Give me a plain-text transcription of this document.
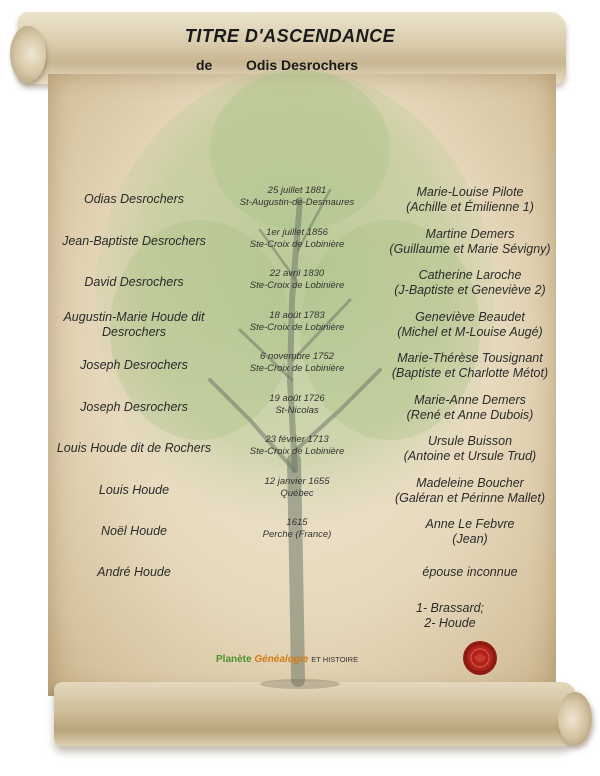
TITRE D'ASCENDANCE
de Odis Desrochers
Odias Desrochers
25 juillet 1881
St-Augustin-de-Desmaures
Marie-Louise Pilote
(Achille et Émilienne 1)
Jean-Baptiste Desrochers
1er juillet 1856
Ste-Croix de Lobinière
Martine Demers
(Guillaume et Marie Sévigny)
David Desrochers
22 avril 1830
Ste-Croix de Lobinière
Catherine Laroche
(J-Baptiste et Geneviève 2)
Augustin-Marie Houde dit
Desrochers
18 août 1783
Ste-Croix de Lobinière
Geneviève Beaudet
(Michel et M-Louise Augé)
Joseph Desrochers
6 novembre 1752
Ste-Croix de Lobinière
Marie-Thérèse Tousignant
(Baptiste et Charlotte Métot)
Joseph Desrochers
19 août 1726
St-Nicolas
Marie-Anne Demers
(René et Anne Dubois)
Louis Houde dit de Rochers
23 février 1713
Ste-Croix de Lobinière
Ursule Buisson
(Antoine et Ursule Trud)
Louis Houde
12 janvier 1655
Québec
Madeleine Boucher
(Galéran et Périnne Mallet)
Noël Houde
1615
Perche (France)
Anne Le Febvre
(Jean)
André Houde	épouse inconnue
1- Brassard;
2- Houde
Planète Généalogie ET HISTOIRE
